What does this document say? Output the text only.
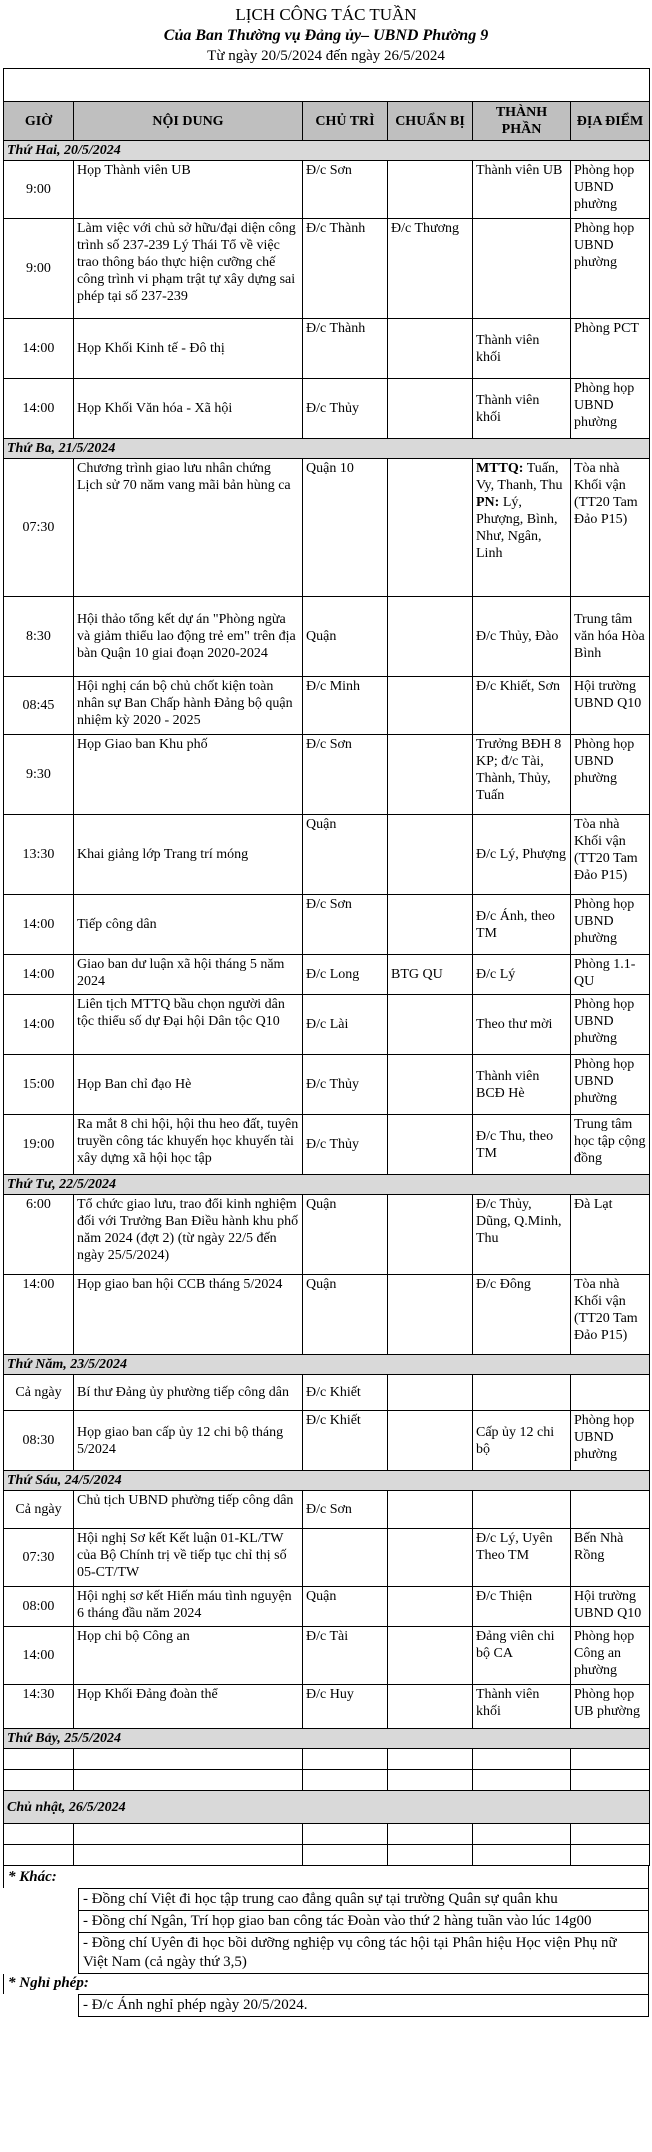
LỊCH CÔNG TÁC TUẦN
Của Ban Thường vụ Đảng ủy– UBND Phường 9
Từ ngày 20/5/2024 đến ngày 26/5/2024

GIỜ	NỘI DUNG	CHỦ TRÌ	CHUẨN BỊ	THÀNH PHẦN	ĐỊA ĐIỂM
Thứ Hai, 20/5/2024					
9:00	Họp Thành viên UB	Đ/c Sơn		Thành viên UB	Phòng họp UBND phường
9:00	Làm việc với chủ sở hữu/đại diện công trình số 237-239 Lý Thái Tổ về việc trao thông báo thực hiện cưỡng chế công trình vi phạm trật tự xây dựng sai phép tại số 237-239	Đ/c Thành	Đ/c Thương		Phòng họp UBND phường
14:00	Họp Khối Kinh tế - Đô thị	Đ/c Thành		Thành viên khối	Phòng PCT
14:00	Họp Khối Văn hóa - Xã hội	Đ/c Thủy		Thành viên khối	Phòng họp UBND phường
Thứ Ba, 21/5/2024					
07:30	Chương trình giao lưu nhân chứng Lịch sử 70 năm vang mãi bản hùng ca	Quận 10		MTTQ: Tuấn, Vy, Thanh, Thu
PN: Lý, Phượng, Bình, Như, Ngân, Linh	Tòa nhà Khối vận (TT20 Tam Đảo P15)
8:30	Hội thảo tổng kết dự án "Phòng ngừa và giảm thiểu lao động trẻ em" trên địa bàn Quận 10 giai đoạn 2020-2024	Quận		Đ/c Thủy, Đào	Trung tâm văn hóa Hòa Bình
08:45	Hội nghị cán bộ chủ chốt kiện toàn nhân sự Ban Chấp hành Đảng bộ quận nhiệm kỳ 2020 - 2025	Đ/c Minh		Đ/c Khiết, Sơn	Hội trường UBND Q10
9:30	Họp Giao ban Khu phố	Đ/c Sơn		Trưởng BĐH 8 KP; đ/c Tài, Thành, Thủy, Tuấn	Phòng họp UBND phường
13:30	Khai giảng lớp Trang trí móng	Quận		Đ/c Lý, Phượng	Tòa nhà Khối vận (TT20 Tam Đảo P15)
14:00	Tiếp công dân	Đ/c Sơn		Đ/c Ánh, theo TM	Phòng họp UBND phường
14:00	Giao ban dư luận xã hội tháng 5 năm 2024	Đ/c Long	BTG QU	Đ/c Lý	Phòng 1.1-QU
14:00	Liên tịch MTTQ bầu chọn người dân tộc thiểu số dự Đại hội Dân tộc Q10	Đ/c Lài		Theo thư mời	Phòng họp UBND phường
15:00	Họp Ban chỉ đạo Hè	Đ/c Thủy		Thành viên BCĐ Hè	Phòng họp UBND phường
19:00	Ra mắt 8 chi hội, hội thu heo đất, tuyên truyền công tác khuyến học khuyến tài xây dựng xã hội học tập	Đ/c Thủy		Đ/c Thu, theo TM	Trung tâm học tập cộng đồng
Thứ Tư, 22/5/2024					
6:00	Tổ chức giao lưu, trao đổi kinh nghiệm đối với Trưởng Ban Điều hành khu phố năm 2024 (đợt 2) (từ ngày 22/5 đến ngày 25/5/2024)	Quận		Đ/c Thủy, Dũng, Q.Minh, Thu	Đà Lạt
14:00	Họp giao ban hội CCB tháng 5/2024	Quận		Đ/c Đông	Tòa nhà Khối vận (TT20 Tam Đảo P15)
Thứ Năm, 23/5/2024					
Cả ngày	Bí thư Đảng ủy phường tiếp công dân	Đ/c Khiết			
08:30	Họp giao ban cấp ủy 12 chi bộ tháng 5/2024	Đ/c Khiết		Cấp ủy 12 chi bộ	Phòng họp UBND phường
Thứ Sáu, 24/5/2024					
Cả ngày	Chủ tịch UBND phường tiếp công dân	Đ/c Sơn			
07:30	Hội nghị Sơ kết Kết luận 01-KL/TW của Bộ Chính trị về tiếp tục chỉ thị số 05-CT/TW			Đ/c Lý, Uyên Theo TM	Bến Nhà Rồng
08:00	Hội nghị sơ kết Hiến máu tình nguyện 6 tháng đầu năm 2024	Quận		Đ/c Thiện	Hội trường UBND Q10
14:00	Họp chi bộ Công an	Đ/c Tài		Đảng viên chi bộ CA	Phòng họp Công an phường
14:30	Họp Khối Đảng đoàn thể	Đ/c Huy		Thành viên khối	Phòng họp UB phường
Thứ Bảy, 25/5/2024					

Chủ nhật, 26/5/2024					

* Khác:
- Đồng chí Việt đi học tập trung cao đẳng quân sự tại trường Quân sự quân khu
- Đồng chí Ngân, Trí họp giao ban công tác Đoàn vào thứ 2 hàng tuần vào lúc 14g00
- Đồng chí Uyên đi học bồi dưỡng nghiệp vụ công tác hội tại Phân hiệu Học viện Phụ nữ Việt Nam (cả ngày thứ 3,5)
* Nghỉ phép:
- Đ/c Ánh nghỉ phép ngày 20/5/2024.
